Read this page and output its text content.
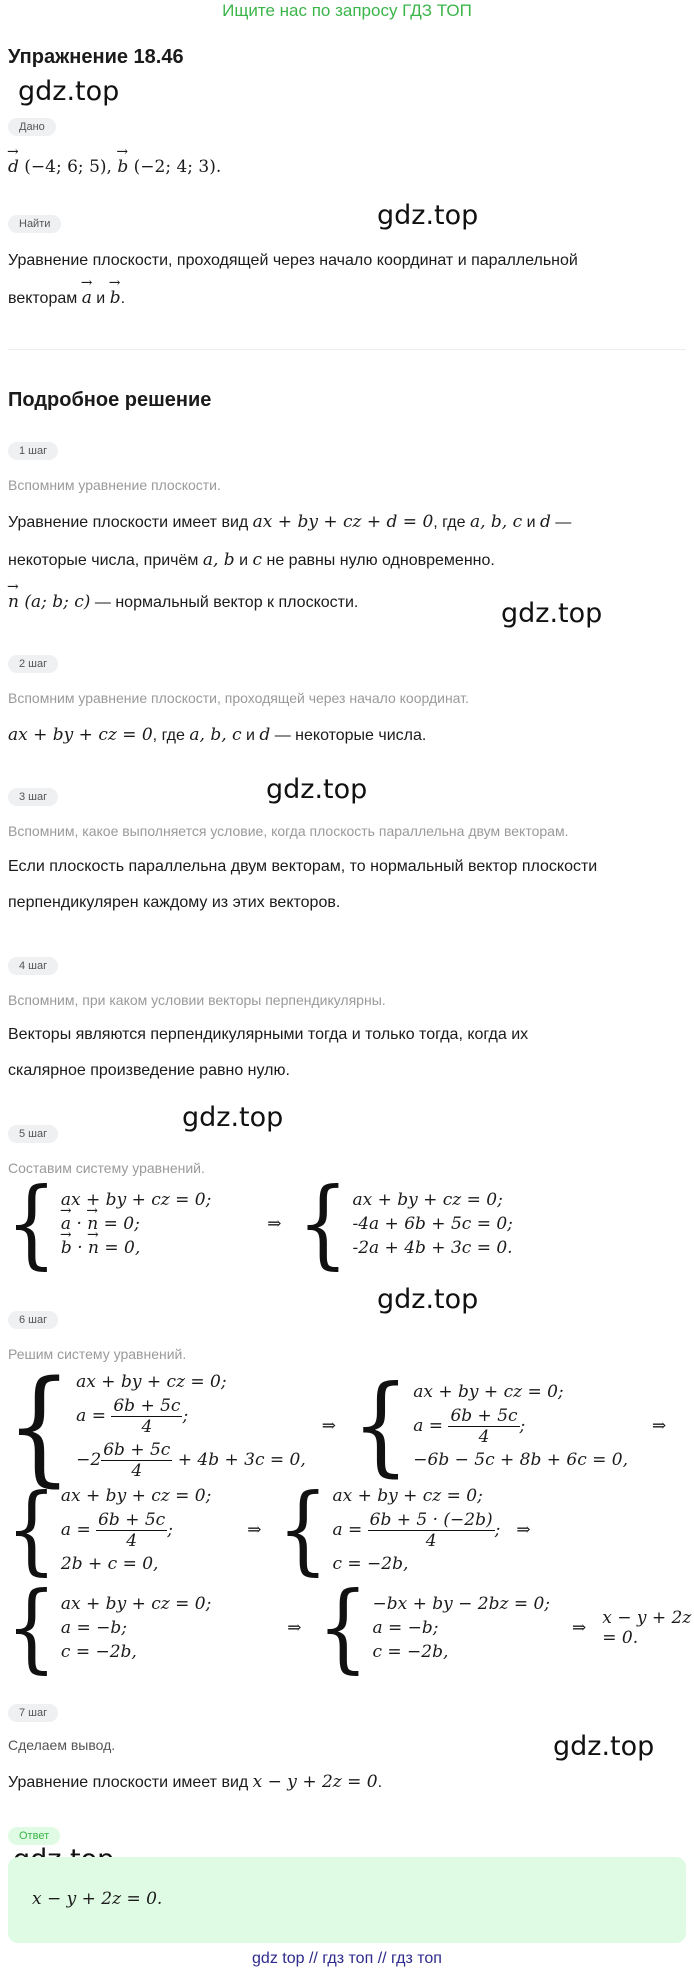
Ищите нас по запросу ГДЗ ТОП
Упражнение 18.46
gdz.top
gdz.top
gdz.top
gdz.top
gdz.top
gdz.top
gdz.top
Дано
→ d (−4; 6; 5), → b (−2; 4; 3).
Найти
Уравнение плоскости, проходящей через начало координат и параллельной
векторам → a и → b.
Подробное решение
1 шаг
Вспомним уравнение плоскости.
Уравнение плоскости имеет вид ax + by + cz + d = 0, где a, b, c и d —
некоторые числа, причём a, b и c не равны нулю одновременно.
→ n (a; b; c) — нормальный вектор к плоскости.
2 шаг
Вспомним уравнение плоскости, проходящей через начало координат.
ax + by + cz = 0, где a, b, c и d — некоторые числа.
3 шаг
Вспомним, какое выполняется условие, когда плоскость параллельна двум векторам.
Если плоскость параллельна двум векторам, то нормальный вектор плоскости
перпендикулярен каждому из этих векторов.
4 шаг
Вспомним, при каком условии векторы перпендикулярны.
Векторы являются перпендикулярными тогда и только тогда, когда их
скалярное произведение равно нулю.
5 шаг
Составим систему уравнений.
{ ax + by + cz = 0;
→ a · → n = 0;
→ b · → n = 0,
⇒ { ax + by + cz = 0;
-4a + 6b + 5c = 0;
-2a + 4b + 3c = 0.
6 шаг
Решим систему уравнений.
{ ax + by + cz = 0;
$a = \frac{6b + 5c}{4}$ ;
$-2 \frac{6b + 5c}{4} + 4b + 3c = 0$,
⇒ { ax + by + cz = 0;
$a = \frac{6b + 5c}{4}$ ;
−6b − 5c + 8b + 6c = 0,
⇒
{ ax + by + cz = 0;
$a = \frac{6b + 5c}{4}$ ;
2b + c = 0,
⇒ { ax + by + cz = 0;
$a = \frac{6b + 5 \cdot (-2b)}{4}$ ;
c = −2b,
⇒
{ ax + by + cz = 0;
a = −b;
c = −2b,
⇒ { −bx + by − 2bz = 0;
a = −b;
c = −2b,
⇒ x − y + 2z = 0.
7 шаг
Сделаем вывод.
Уравнение плоскости имеет вид x − y + 2z = 0.
Ответ
x − y + 2z = 0.
gdz top // гдз топ // гдз топ
